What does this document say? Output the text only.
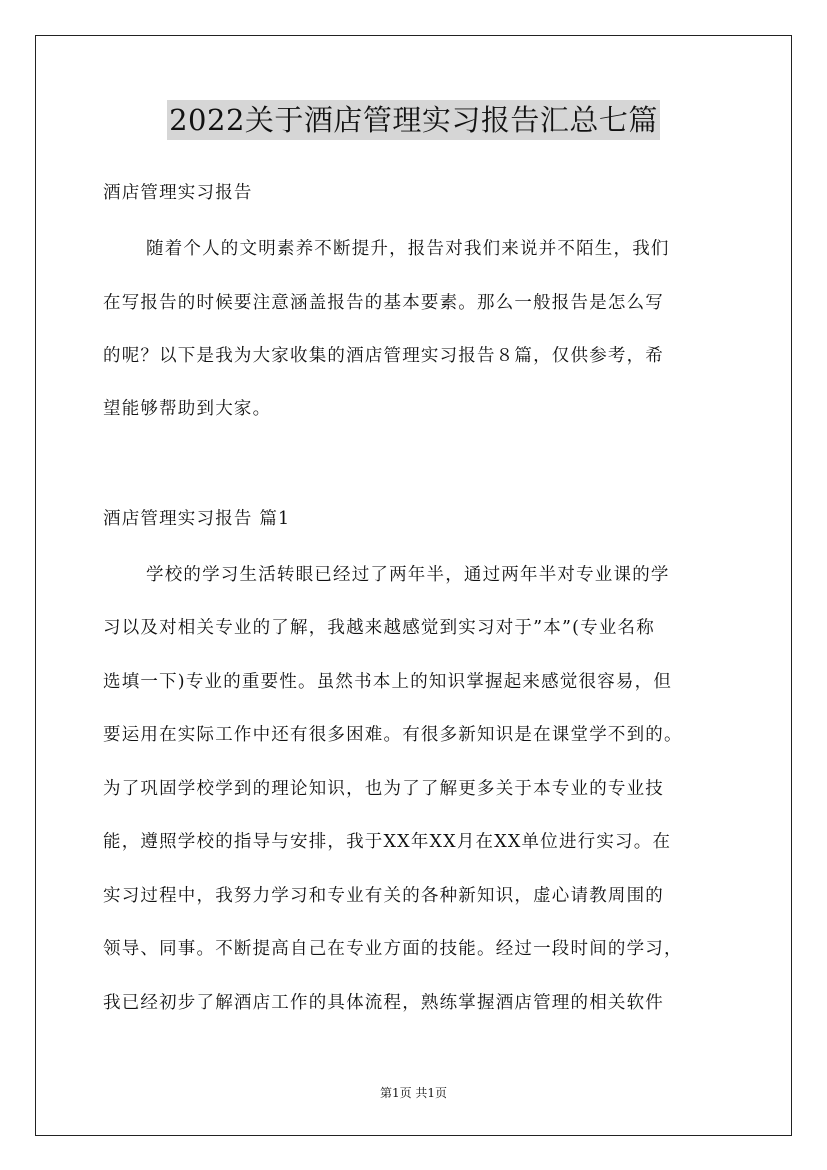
2022关于酒店管理实习报告汇总七篇
酒店管理实习报告
随着个人的文明素养不断提升，报告对我们来说并不陌生，我们
在写报告的时候要注意涵盖报告的基本要素。那么一般报告是怎么写
的呢？以下是我为大家收集的酒店管理实习报告８篇，仅供参考，希
望能够帮助到大家。
酒店管理实习报告 篇1
学校的学习生活转眼已经过了两年半，通过两年半对专业课的学
习以及对相关专业的了解，我越来越感觉到实习对于”本”(专业名称
选填一下)专业的重要性。虽然书本上的知识掌握起来感觉很容易，但
要运用在实际工作中还有很多困难。有很多新知识是在课堂学不到的。
为了巩固学校学到的理论知识，也为了了解更多关于本专业的专业技
能，遵照学校的指导与安排，我于XX年XX月在XX单位进行实习。在
实习过程中，我努力学习和专业有关的各种新知识，虚心请教周围的
领导、同事。不断提高自己在专业方面的技能。经过一段时间的学习，
我已经初步了解酒店工作的具体流程，熟练掌握酒店管理的相关软件
第1页 共1页
